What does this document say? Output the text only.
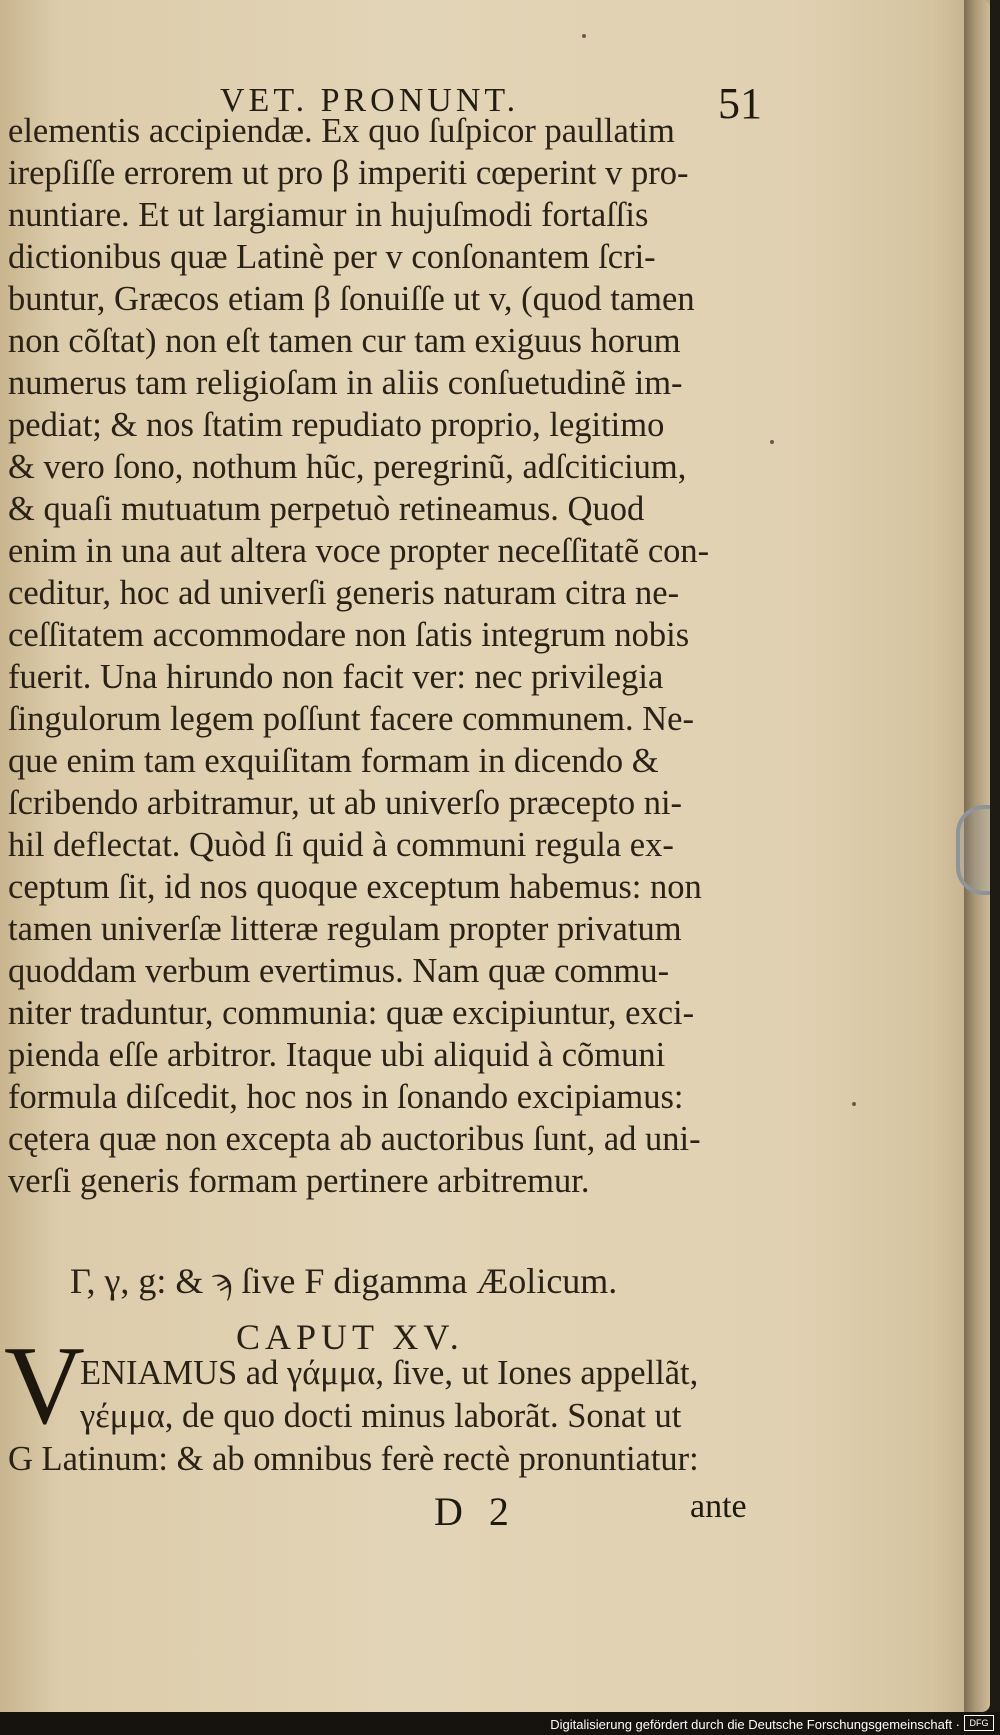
VET. PRONUNT.	51
elementis accipiendæ. Ex quo ſuſpicor paullatim
irepſiſſe errorem ut pro β imperiti cœperint v pro-
nuntiare. Et ut largiamur in hujuſmodi fortaſſis
dictionibus quæ Latinè per v conſonantem ſcri-
buntur, Græcos etiam β ſonuiſſe ut v, (quod tamen
non cõſtat) non eſt tamen cur tam exiguus horum
numerus tam religioſam in aliis conſuetudinẽ im-
pediat; & nos ſtatim repudiato proprio, legitimo
& vero ſono, nothum hũc, peregrinũ, adſciticium,
& quaſi mutuatum perpetuò retineamus. Quod
enim in una aut altera voce propter neceſſitatẽ con-
ceditur, hoc ad univerſi generis naturam citra ne-
ceſſitatem accommodare non ſatis integrum nobis
fuerit. Una hirundo non facit ver: nec privilegia
ſingulorum legem poſſunt facere communem. Ne-
que enim tam exquiſitam formam in dicendo &
ſcribendo arbitramur, ut ab univerſo præcepto ni-
hil deflectat. Quòd ſi quid à communi regula ex-
ceptum ſit, id nos quoque exceptum habemus: non
tamen univerſæ litteræ regulam propter privatum
quoddam verbum evertimus. Nam quæ commu-
niter traduntur, communia: quæ excipiuntur, exci-
pienda eſſe arbitror. Itaque ubi aliquid à cõmuni
formula diſcedit, hoc nos in ſonando excipiamus:
cętera quæ non excepta ab auctoribus ſunt, ad uni-
verſi generis formam pertinere arbitremur.
Γ, γ, g: & ϡ ſive F digamma Æolicum.
CAPUT XV.
V
ENIAMUS ad γάμμα, ſive, ut Iones appellãt,
γέμμα, de quo docti minus laborãt. Sonat ut
G Latinum: & ab omnibus ferè rectè pronuntiatur:
D 2	ante
Digitalisierung gefördert durch die Deutsche Forschungsgemeinschaft ·	DFG
